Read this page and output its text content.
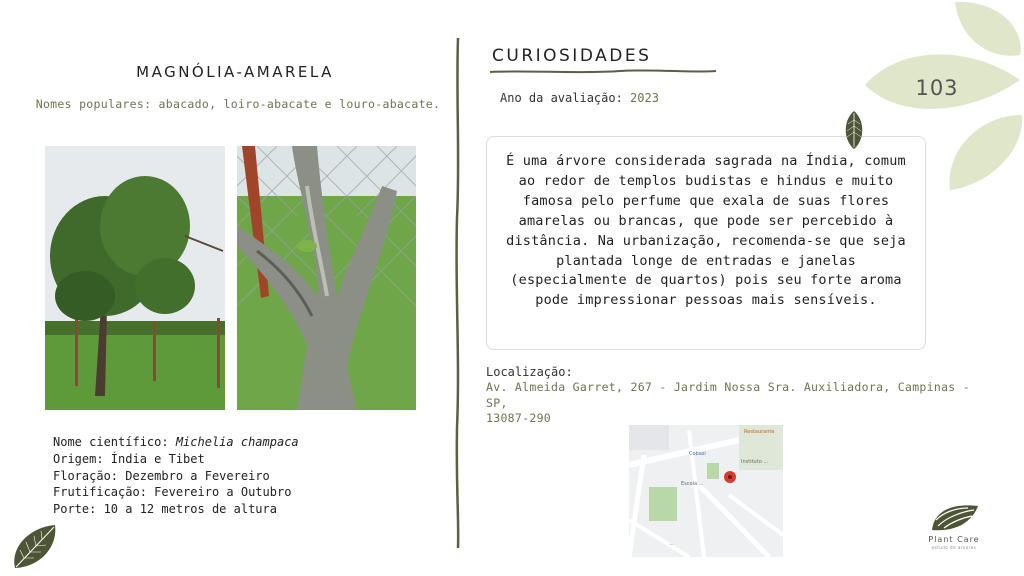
103
MAGNÓLIA-AMARELA
Nomes populares: abacado, loiro-abacate e louro-abacate.
Nome científico: Michelia champaca
Origem: Índia e Tibet
Floração: Dezembro a Fevereiro
Frutificação: Fevereiro a Outubro
Porte: 10 a 12 metros de altura
CURIOSIDADES
Ano da avaliação: 2023
É uma árvore considerada sagrada na Índia, comum ao redor de templos budistas e hindus e muito famosa pelo perfume que exala de suas flores amarelas ou brancas, que pode ser percebido à distância. Na urbanização, recomenda-se que seja plantada longe de entradas e janelas (especialmente de quartos) pois seu forte aroma pode impressionar pessoas mais sensíveis.
Localização:
Av. Almeida Garret, 267 - Jardim Nossa Sra. Auxiliadora, Campinas - SP,
13087-290
Cobasi
Restaurante
Instituto ...
Escola ...
...	Plant Care
estudo de arvores
